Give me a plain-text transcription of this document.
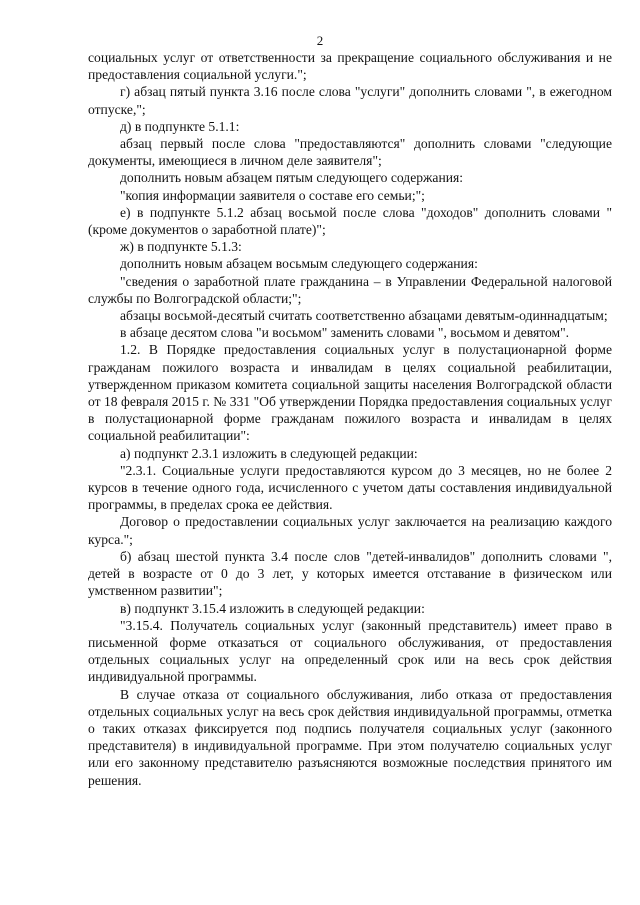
2

социальных услуг от ответственности за прекращение социального обслуживания и не предоставления социальной услуги.";

г) абзац пятый пункта 3.16 после слова "услуги" дополнить словами ", в ежегодном отпуске,";

д) в подпункте 5.1.1:

абзац первый после слова "предоставляются" дополнить словами "следующие документы, имеющиеся в личном деле заявителя";

дополнить новым абзацем пятым следующего содержания:

"копия информации заявителя о составе его семьи;";

е) в подпункте 5.1.2 абзац восьмой после слова "доходов" дополнить словами "(кроме документов о заработной плате)";

ж) в подпункте 5.1.3:

дополнить новым абзацем восьмым следующего содержания:

"сведения о заработной плате гражданина – в Управлении Федеральной налоговой службы по Волгоградской области;";

абзацы восьмой-десятый считать соответственно абзацами девятым-одиннадцатым;

в абзаце десятом слова "и восьмом" заменить словами ", восьмом и девятом".

1.2. В Порядке предоставления социальных услуг в полустационарной форме гражданам пожилого возраста и инвалидам в целях социальной реабилитации, утвержденном приказом комитета социальной защиты населения Волгоградской области от 18 февраля 2015 г. № 331 "Об утверждении Порядка предоставления социальных услуг в полустационарной форме гражданам пожилого возраста и инвалидам в целях социальной реабилитации":

а) подпункт 2.3.1 изложить в следующей редакции:

"2.3.1. Социальные услуги предоставляются курсом до 3 месяцев, но не более 2 курсов в течение одного года, исчисленного с учетом даты составления индивидуальной программы, в пределах срока ее действия.

Договор о предоставлении социальных услуг заключается на реализацию каждого курса.";

б) абзац шестой пункта 3.4 после слов "детей-инвалидов" дополнить словами ", детей в возрасте от 0 до 3 лет, у которых имеется отставание в физическом или умственном развитии";

в) подпункт 3.15.4 изложить в следующей редакции:

"3.15.4. Получатель социальных услуг (законный представитель) имеет право в письменной форме отказаться от социального обслуживания, от предоставления отдельных социальных услуг на определенный срок или на весь срок действия индивидуальной программы.

В случае отказа от социального обслуживания, либо отказа от предоставления отдельных социальных услуг на весь срок действия индивидуальной программы, отметка о таких отказах фиксируется под подпись получателя социальных услуг (законного представителя) в индивидуальной программе. При этом получателю социальных услуг или его законному представителю разъясняются возможные последствия принятого им решения.
